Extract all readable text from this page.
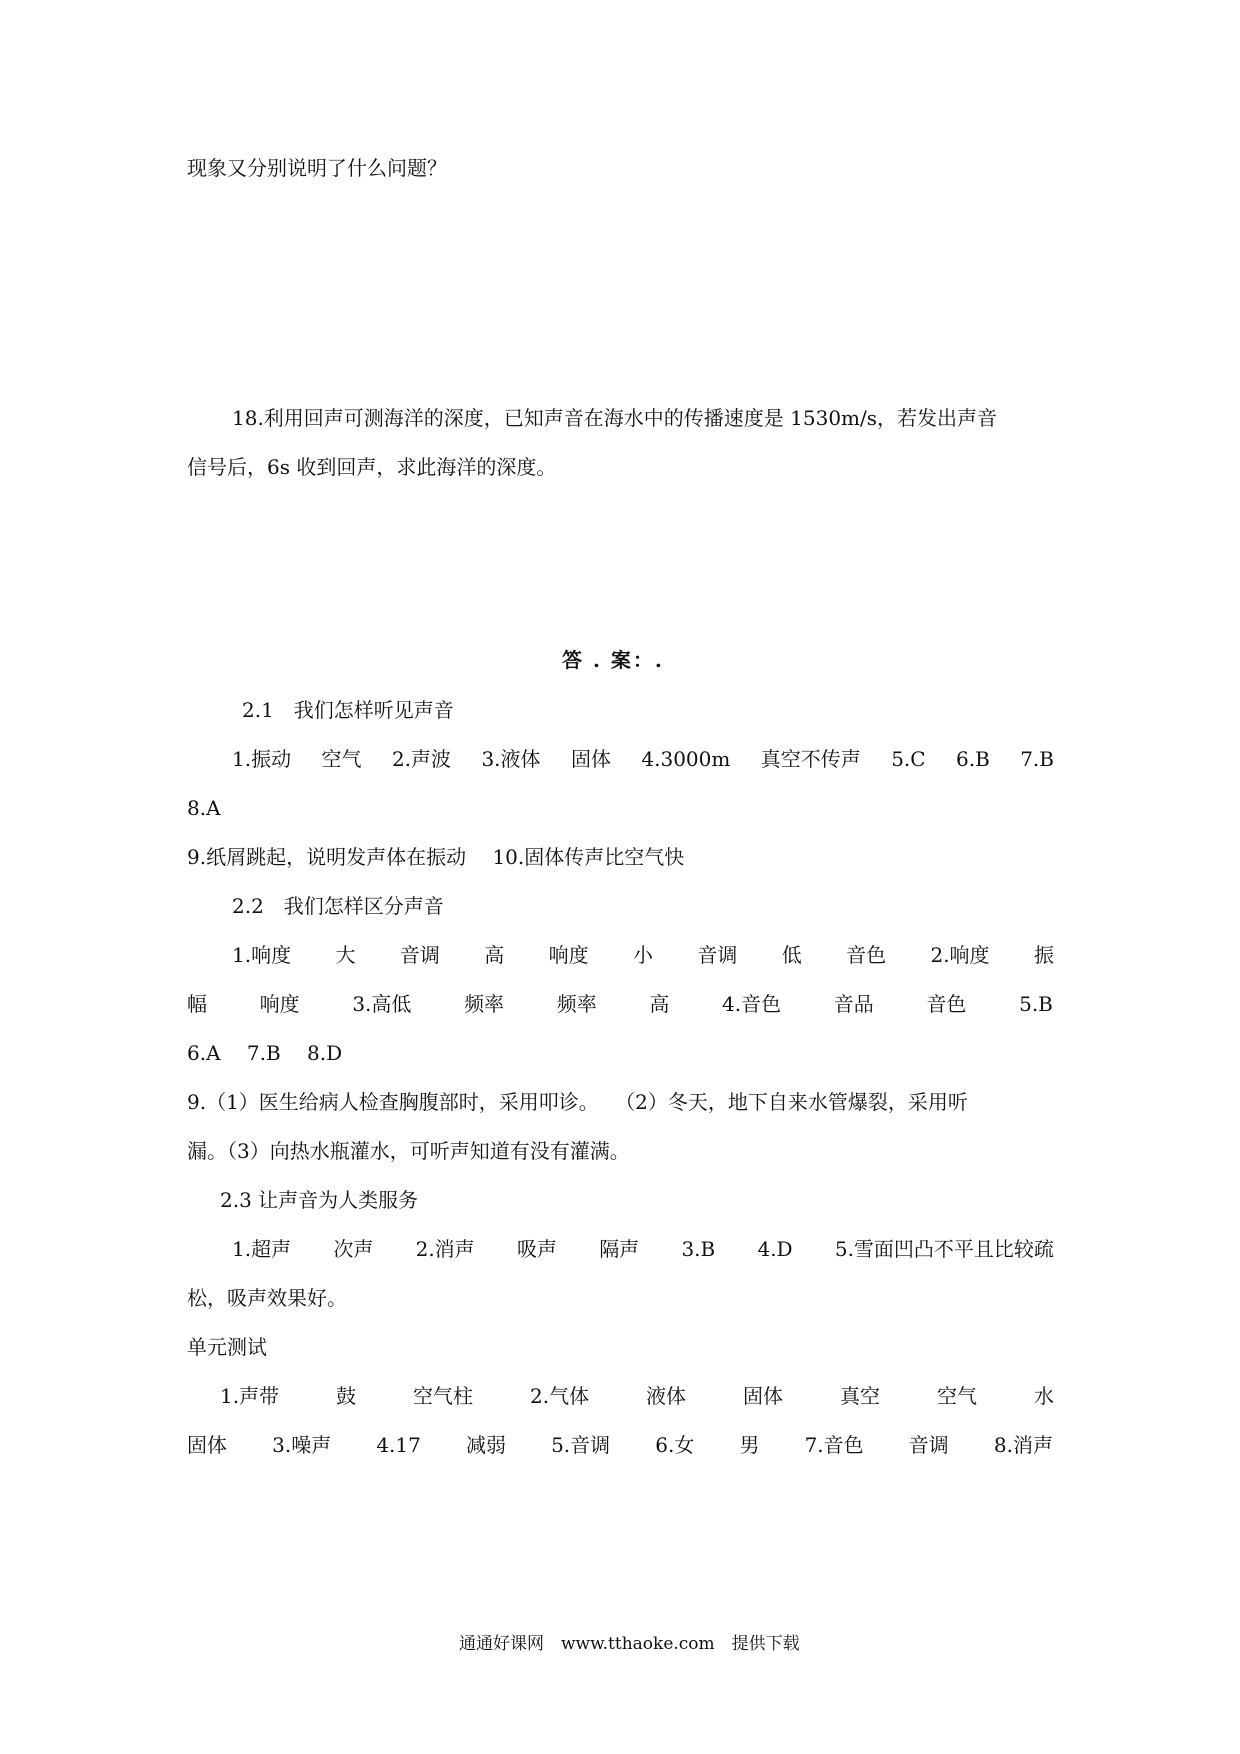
现象又分别说明了什么问题？
18.利用回声可测海洋的深度，已知声音在海水中的传播速度是 1530m/s，若发出声音
信号后，6s 收到回声，求此海洋的深度。
答 . 案：.
2.1　我们怎样听见声音
1.振动 空气 2.声波 3.液体 固体 4.3000m 真空不传声 5.C 6.B 7.B
8.A
9.纸屑跳起，说明发声体在振动　 10.固体传声比空气快
2.2　我们怎样区分声音
1.响度 大 音调 高 响度 小 音调 低 音色 2.响度 振
幅	响度	3.高低	频率	频率	高	4.音色	音品	音色	5.B
6.A　 7.B　 8.D
9.（1）医生给病人检查胸腹部时，采用叩诊。　 （2）冬天，地下自来水管爆裂，采用听
漏。（3）向热水瓶灌水，可听声知道有没有灌满。
2.3 让声音为人类服务
1.超声 次声 2.消声 吸声 隔声 3.B 4.D 5.雪面凹凸不平且比较疏
松，吸声效果好。
单元测试
1.声带	鼓	空气柱	2.气体	液体	固体	真空	空气	水
固体 3.噪声 4.17 减弱 5.音调 6.女 男 7.音色 音调 8.消声
通通好课网　www.tthaoke.com　提供下载
